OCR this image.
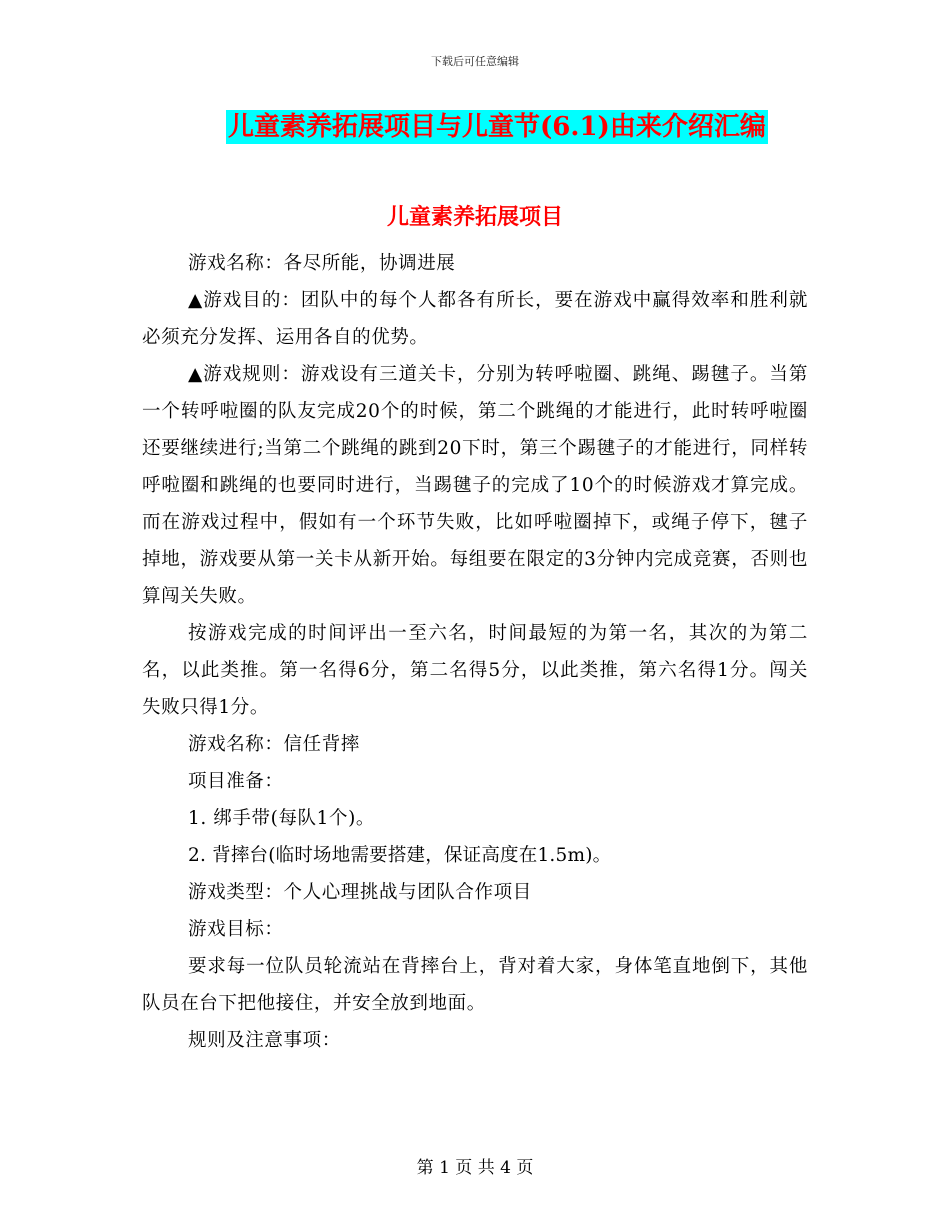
下载后可任意编辑
儿童素养拓展项目与儿童节(6.1)由来介绍汇编
儿童素养拓展项目

游戏名称：各尽所能，协调进展

▲游戏目的：团队中的每个人都各有所长，要在游戏中赢得效率和胜利就必须充分发挥、运用各自的优势。

▲游戏规则：游戏设有三道关卡，分别为转呼啦圈、跳绳、踢毽子。当第一个转呼啦圈的队友完成20个的时候，第二个跳绳的才能进行，此时转呼啦圈还要继续进行;当第二个跳绳的跳到20下时，第三个踢毽子的才能进行，同样转呼啦圈和跳绳的也要同时进行，当踢毽子的完成了10个的时候游戏才算完成。而在游戏过程中，假如有一个环节失败，比如呼啦圈掉下，或绳子停下，毽子掉地，游戏要从第一关卡从新开始。每组要在限定的3分钟内完成竞赛，否则也算闯关失败。

按游戏完成的时间评出一至六名，时间最短的为第一名，其次的为第二名，以此类推。第一名得6分，第二名得5分，以此类推，第六名得1分。闯关失败只得1分。

游戏名称：信任背摔

项目准备：

1. 绑手带(每队1个)。

2. 背摔台(临时场地需要搭建，保证高度在1.5m)。

游戏类型：个人心理挑战与团队合作项目

游戏目标：

要求每一位队员轮流站在背摔台上，背对着大家，身体笔直地倒下，其他队员在台下把他接住，并安全放到地面。

规则及注意事项：

第 1 页 共 4 页
